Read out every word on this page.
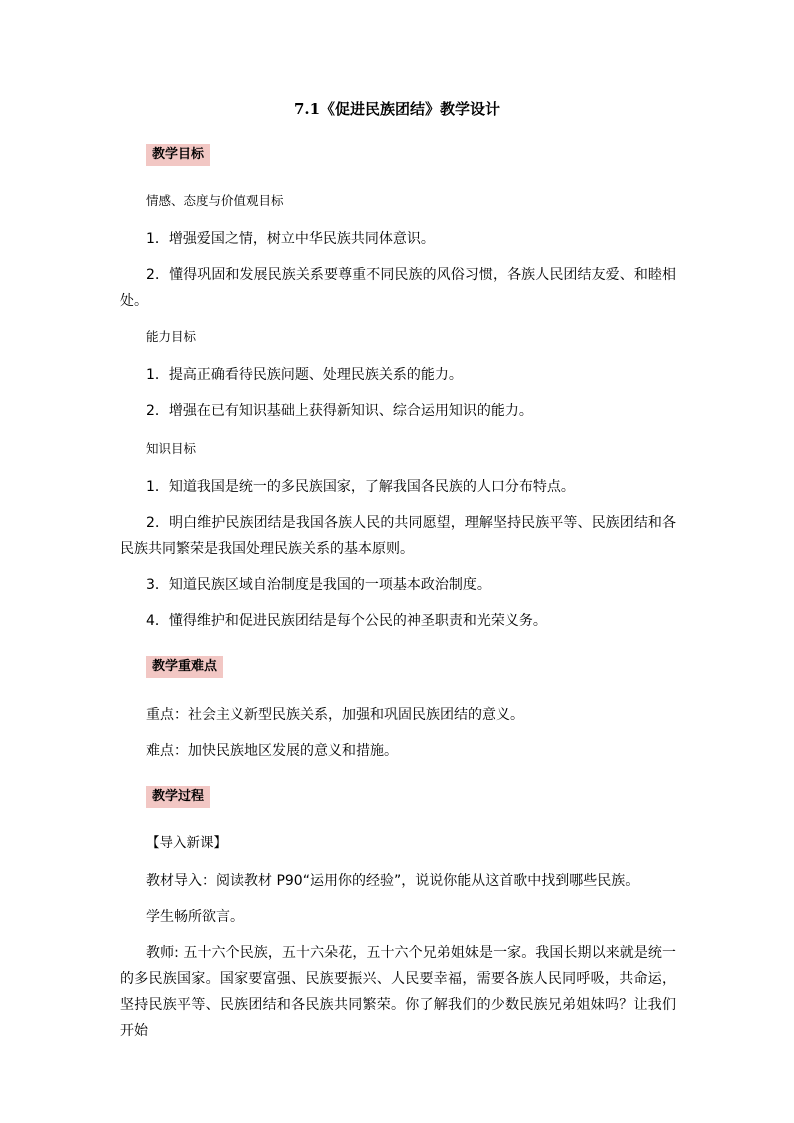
7.1《促进民族团结》教学设计
教学目标
情感、态度与价值观目标

1．增强爱国之情，树立中华民族共同体意识。

2．懂得巩固和发展民族关系要尊重不同民族的风俗习惯，各族人民团结友爱、和睦相处。

能力目标

1．提高正确看待民族问题、处理民族关系的能力。

2．增强在已有知识基础上获得新知识、综合运用知识的能力。

知识目标

1．知道我国是统一的多民族国家，了解我国各民族的人口分布特点。

2．明白维护民族团结是我国各族人民的共同愿望，理解坚持民族平等、民族团结和各民族共同繁荣是我国处理民族关系的基本原则。

3．知道民族区域自治制度是我国的一项基本政治制度。

4．懂得维护和促进民族团结是每个公民的神圣职责和光荣义务。

教学重难点

重点：社会主义新型民族关系，加强和巩固民族团结的意义。

难点：加快民族地区发展的意义和措施。

教学过程
【导入新课】

教材导入：阅读教材 P90“运用你的经验”，说说你能从这首歌中找到哪些民族。

学生畅所欲言。

教师: 五十六个民族，五十六朵花，五十六个兄弟姐妹是一家。我国长期以来就是统一的多民族国家。国家要富强、民族要振兴、人民要幸福，需要各族人民同呼吸，共命运，坚持民族平等、民族团结和各民族共同繁荣。你了解我们的少数民族兄弟姐妹吗？让我们开始
